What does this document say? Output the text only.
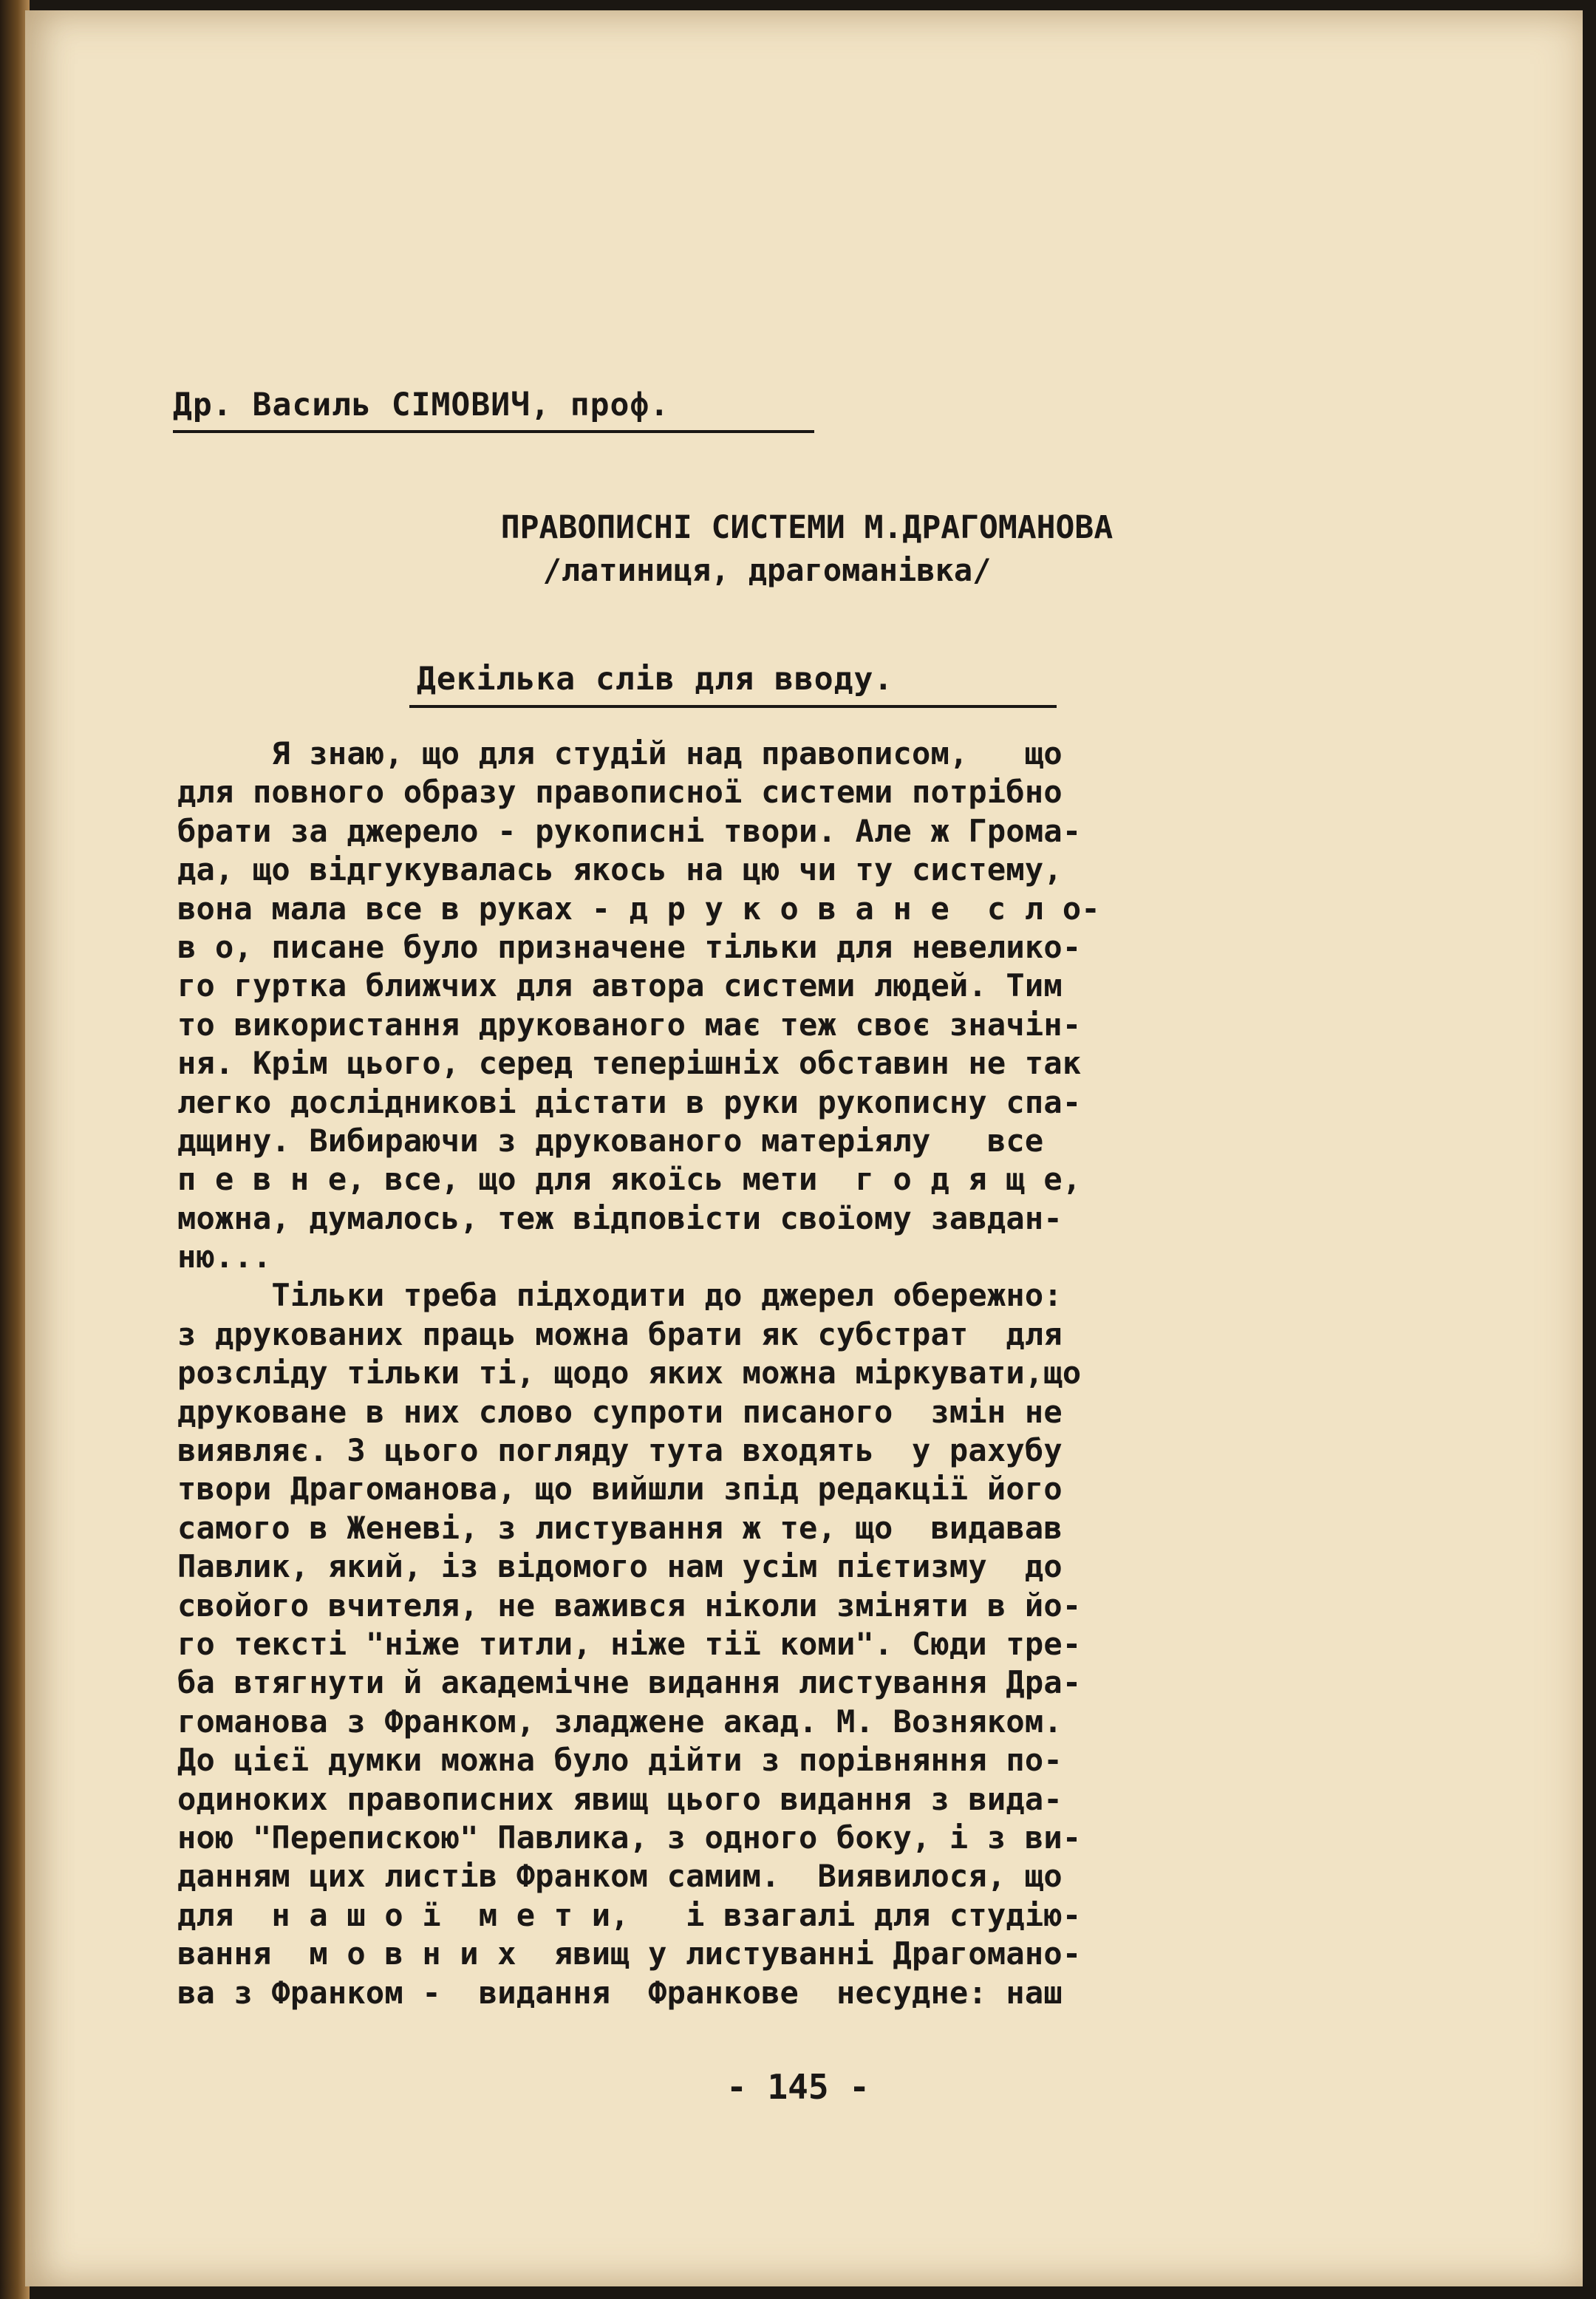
Др. Василь СІМОВИЧ, проф.
ПРАВОПИСНІ СИСТЕМИ М.ДРАГОМАНОВА
/латиниця, драгоманівка/
Декілька слів для вводу.
Я знаю, що для студій над правописом,   що
для повного образу правописної системи потрібно
брати за джерело - рукописні твори. Але ж Грома-
да, що відгукувалась якось на цю чи ту систему,
вона мала все в руках - д р у к о в а н е  с л о-
в о, писане було призначене тільки для невелико-
го гуртка ближчих для автора системи людей. Тим
то використання друкованого має теж своє значін-
ня. Крім цього, серед теперішніх обставин не так
легко дослідникові дістати в руки рукописну спа-
дщину. Вибираючи з друкованого матеріялу   все
п е в н е, все, що для якоїсь мети  г о д я щ е,
можна, думалось, теж відповісти своїому завдан-
ню...
Тільки треба підходити до джерел обережно:
з друкованих праць можна брати як субстрат  для
розсліду тільки ті, щодо яких можна міркувати,що
друковане в них слово супроти писаного  змін не
виявляє. З цього погляду тута входять  у рахубу
твори Драгоманова, що вийшли зпід редакції його
самого в Женеві, з листування ж те, що  видавав
Павлик, який, із відомого нам усім пієтизму  до
свойого вчителя, не важився ніколи зміняти в йо-
го тексті "ніже титли, ніже тії коми". Сюди тре-
ба втягнути й академічне видання листування Дра-
гоманова з Франком, зладжене акад. М. Возняком.
До цієї думки можна було дійти з порівняння по-
одиноких правописних явищ цього видання з вида-
ною "Перепискою" Павлика, з одного боку, і з ви-
данням цих листів Франком самим.  Виявилося, що
для  н а ш о ї  м е т и,   і взагалі для студію-
вання  м о в н и х  явищ у листуванні Драгомано-
ва з Франком -  видання  Франкове  несудне: наш
- 145 -
